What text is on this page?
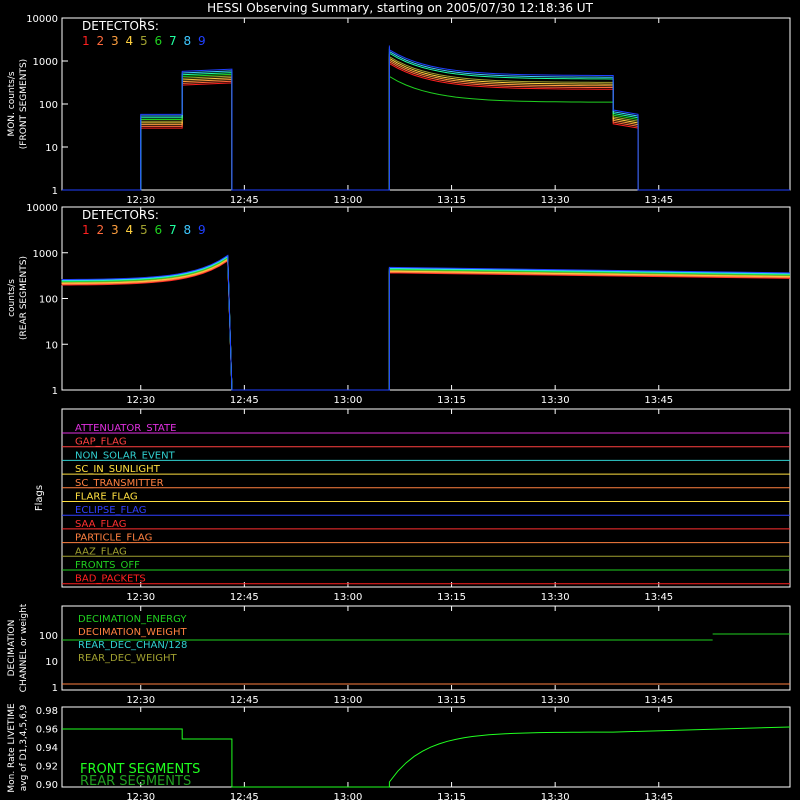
HESSI Observing Summary, starting on 2005/07/30 12:18:36 UT
12:30	12:45	13:00	13:15	13:30	13:45
12:30	12:45	13:00	13:15	13:30	13:45
12:30	12:45	13:00	13:15	13:30	13:45
12:30	12:45	13:00	13:15	13:30	13:45
12:30	12:45	13:00	13:15	13:30	13:45
1
10
100
1000
10000
1
10
100
1000
10000
MON. counts/s (FRONT SEGMENTS)
counts/s (REAR SEGMENTS)
DETECTORS:
1 2 3 4 5 6 7 8 9
DETECTORS:
1 2 3 4 5 6 7 8 9
ATTENUATOR_STATE
GAP_FLAG
NON_SOLAR_EVENT
SC_IN_SUNLIGHT
SC_TRANSMITTER
FLARE_FLAG
ECLIPSE_FLAG
SAA_FLAG
PARTICLE_FLAG
AAZ_FLAG
FRONTS_OFF
BAD_PACKETS
Flags
DECIMATION_ENERGY
DECIMATION_WEIGHT
REAR_DEC_CHAN/128
REAR_DEC_WEIGHT
1
10
100
DECIMATION CHANNEL or weight
0.90
0.92
0.94
0.96
0.98
FRONT SEGMENTS
REAR SEGMENTS
Mon. Rate LIVETIME avg of D1,3,4,5,6,9
